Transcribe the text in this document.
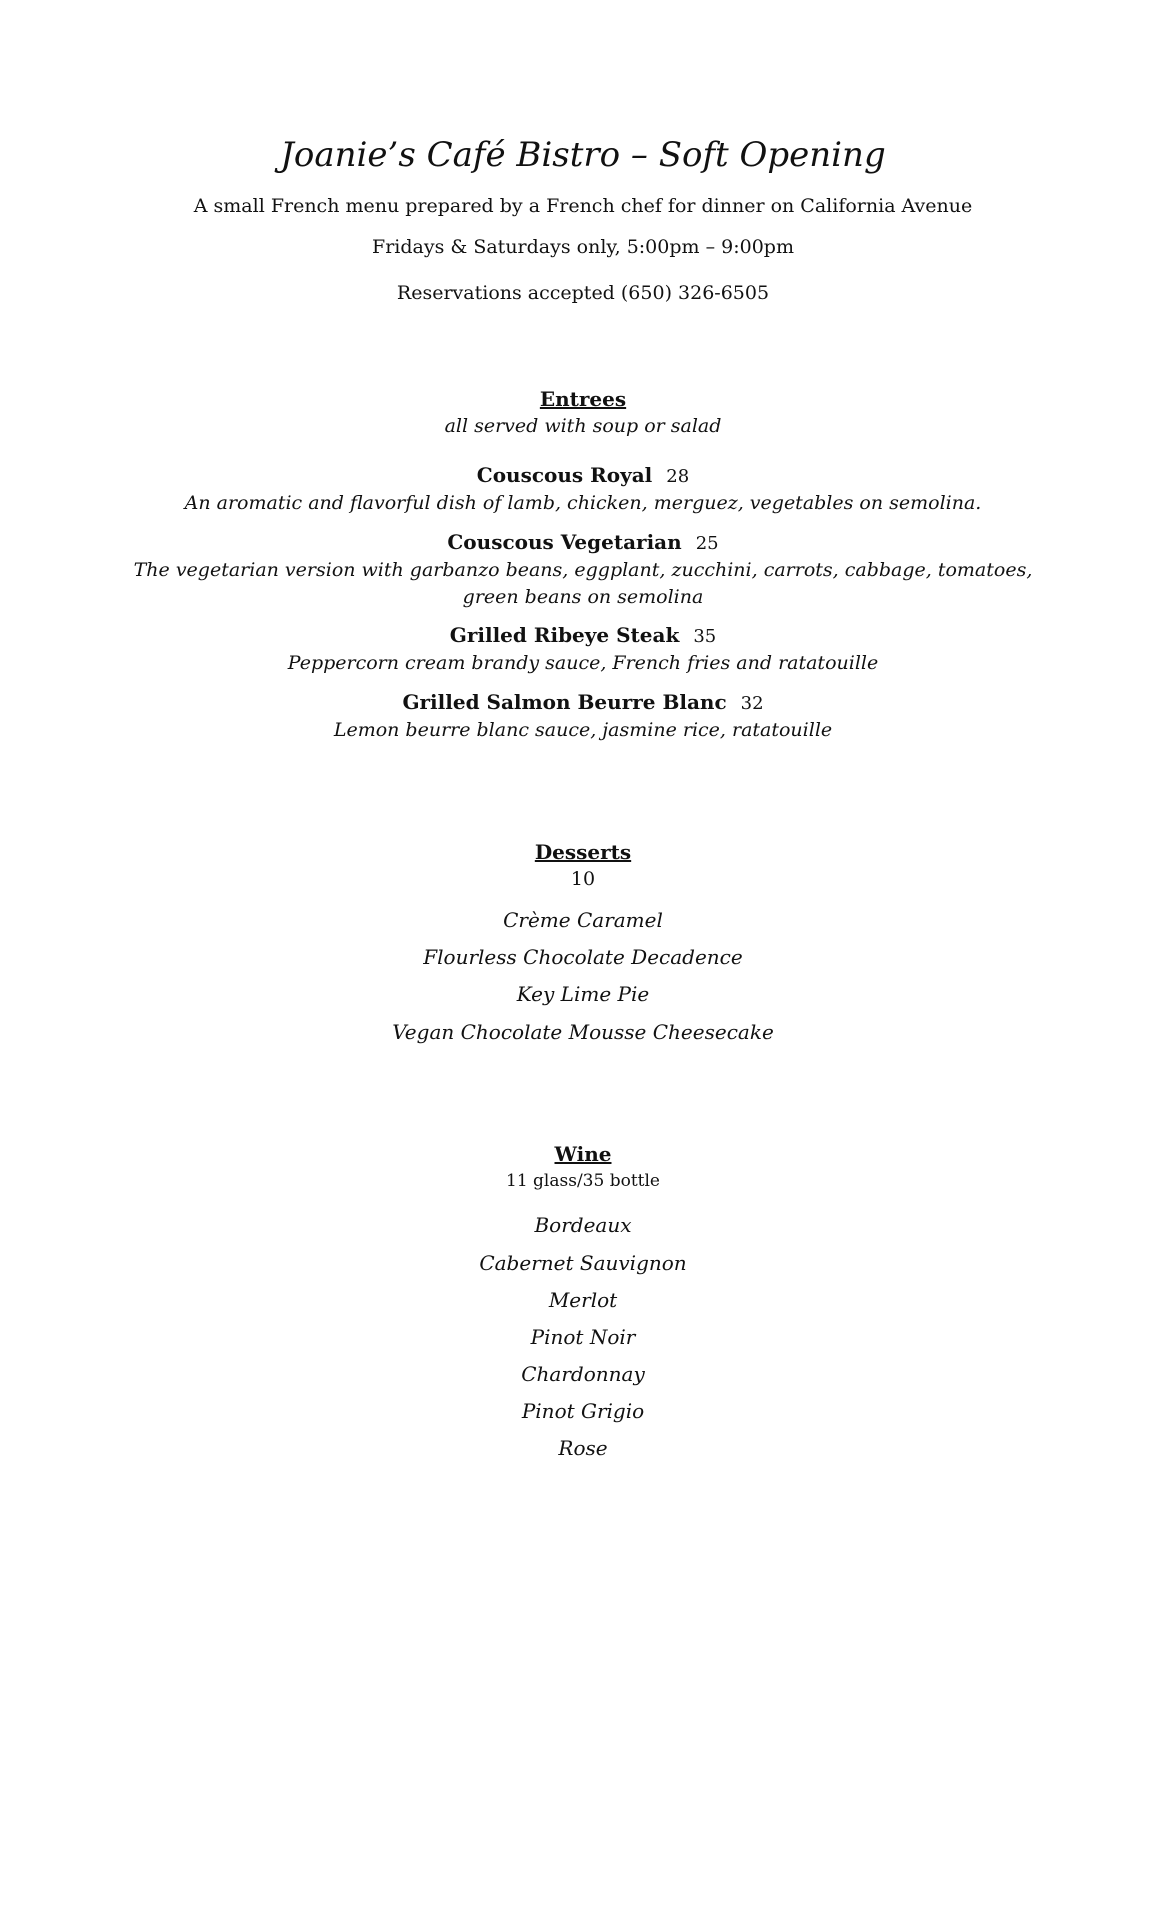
Joanie’s Café Bistro – Soft Opening
A small French menu prepared by a French chef for dinner on California Avenue
Fridays & Saturdays only, 5:00pm – 9:00pm
Reservations accepted (650) 326-6505
Entrees
all served with soup or salad
Couscous Royal 28
An aromatic and flavorful dish of lamb, chicken, merguez, vegetables on semolina.
Couscous Vegetarian 25
The vegetarian version with garbanzo beans, eggplant, zucchini, carrots, cabbage, tomatoes, green beans on semolina
Grilled Ribeye Steak 35
Peppercorn cream brandy sauce, French fries and ratatouille
Grilled Salmon Beurre Blanc 32
Lemon beurre blanc sauce, jasmine rice, ratatouille
Desserts
10
Crème Caramel
Flourless Chocolate Decadence
Key Lime Pie
Vegan Chocolate Mousse Cheesecake
Wine
11 glass/35 bottle
Bordeaux
Cabernet Sauvignon
Merlot
Pinot Noir
Chardonnay
Pinot Grigio
Rose
